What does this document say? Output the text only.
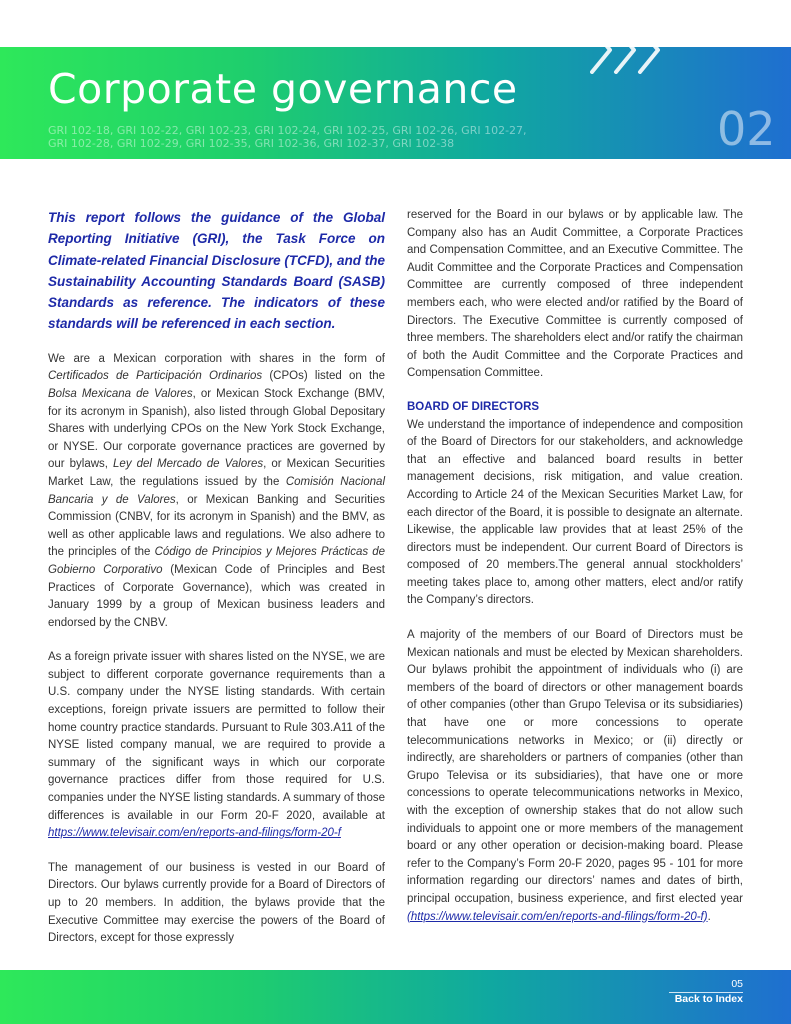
Corporate governance
GRI 102-18, GRI 102-22, GRI 102-23, GRI 102-24, GRI 102-25, GRI 102-26, GRI 102-27,
GRI 102-28, GRI 102-29, GRI 102-35, GRI 102-36, GRI 102-37, GRI 102-38	02

This report follows the guidance of the Global Reporting Initiative (GRI), the Task Force on Climate-related Financial Disclosure (TCFD), and the Sustainability Accounting Standards Board (SASB) Standards as reference. The indicators of these standards will be referenced in each section.

We are a Mexican corporation with shares in the form of Certificados de Participación Ordinarios (CPOs) listed on the Bolsa Mexicana de Valores, or Mexican Stock Exchange (BMV, for its acronym in Spanish), also listed through Global Depositary Shares with underlying CPOs on the New York Stock Exchange, or NYSE. Our corporate governance practices are governed by our bylaws, Ley del Mercado de Valores, or Mexican Securities Market Law, the regulations issued by the Comisión Nacional Bancaria y de Valores, or Mexican Banking and Securities Commission (CNBV, for its acronym in Spanish) and the BMV, as well as other applicable laws and regulations. We also adhere to the principles of the Código de Principios y Mejores Prácticas de Gobierno Corporativo (Mexican Code of Principles and Best Practices of Corporate Governance), which was created in January 1999 by a group of Mexican business leaders and endorsed by the CNBV.

As a foreign private issuer with shares listed on the NYSE, we are subject to different corporate governance requirements than a U.S. company under the NYSE listing standards. With certain exceptions, foreign private issuers are permitted to follow their home country practice standards. Pursuant to Rule 303.A11 of the NYSE listed company manual, we are required to provide a summary of the significant ways in which our corporate governance practices differ from those required for U.S. companies under the NYSE listing standards. A summary of those differences is available in our Form 20-F 2020, available at https://www.televisair.com/en/reports-and-filings/form-20-f

The management of our business is vested in our Board of Directors. Our bylaws currently provide for a Board of Directors of up to 20 members. In addition, the bylaws provide that the Executive Committee may exercise the powers of the Board of Directors, except for those expressly

reserved for the Board in our bylaws or by applicable law. The Company also has an Audit Committee, a Corporate Practices and Compensation Committee, and an Executive Committee. The Audit Committee and the Corporate Practices and Compensation Committee are currently composed of three independent members each, who were elected and/or ratified by the Board of Directors. The Executive Committee is currently composed of three members. The shareholders elect and/or ratify the chairman of both the Audit Committee and the Corporate Practices and Compensation Committee.

BOARD OF DIRECTORS

We understand the importance of independence and composition of the Board of Directors for our stakeholders, and acknowledge that an effective and balanced board results in better management decisions, risk mitigation, and value creation. According to Article 24 of the Mexican Securities Market Law, for each director of the Board, it is possible to designate an alternate. Likewise, the applicable law provides that at least 25% of the directors must be independent. Our current Board of Directors is composed of 20 members.The general annual stockholders’ meeting takes place to, among other matters, elect and/or ratify the Company’s directors.

A majority of the members of our Board of Directors must be Mexican nationals and must be elected by Mexican shareholders. Our bylaws prohibit the appointment of individuals who (i) are members of the board of directors or other management boards of other companies (other than Grupo Televisa or its subsidiaries) that have one or more concessions to operate telecommunications networks in Mexico; or (ii) directly or indirectly, are shareholders or partners of companies (other than Grupo Televisa or its subsidiaries), that have one or more concessions to operate telecommunications networks in Mexico, with the exception of ownership stakes that do not allow such individuals to appoint one or more members of the management board or any other operation or decision-making board. Please refer to the Company’s Form 20-F 2020, pages 95 - 101 for more information regarding our directors’ names and dates of birth, principal occupation, business experience, and first elected year (https://www.televisair.com/en/reports-and-filings/form-20-f).

05
Back to Index
